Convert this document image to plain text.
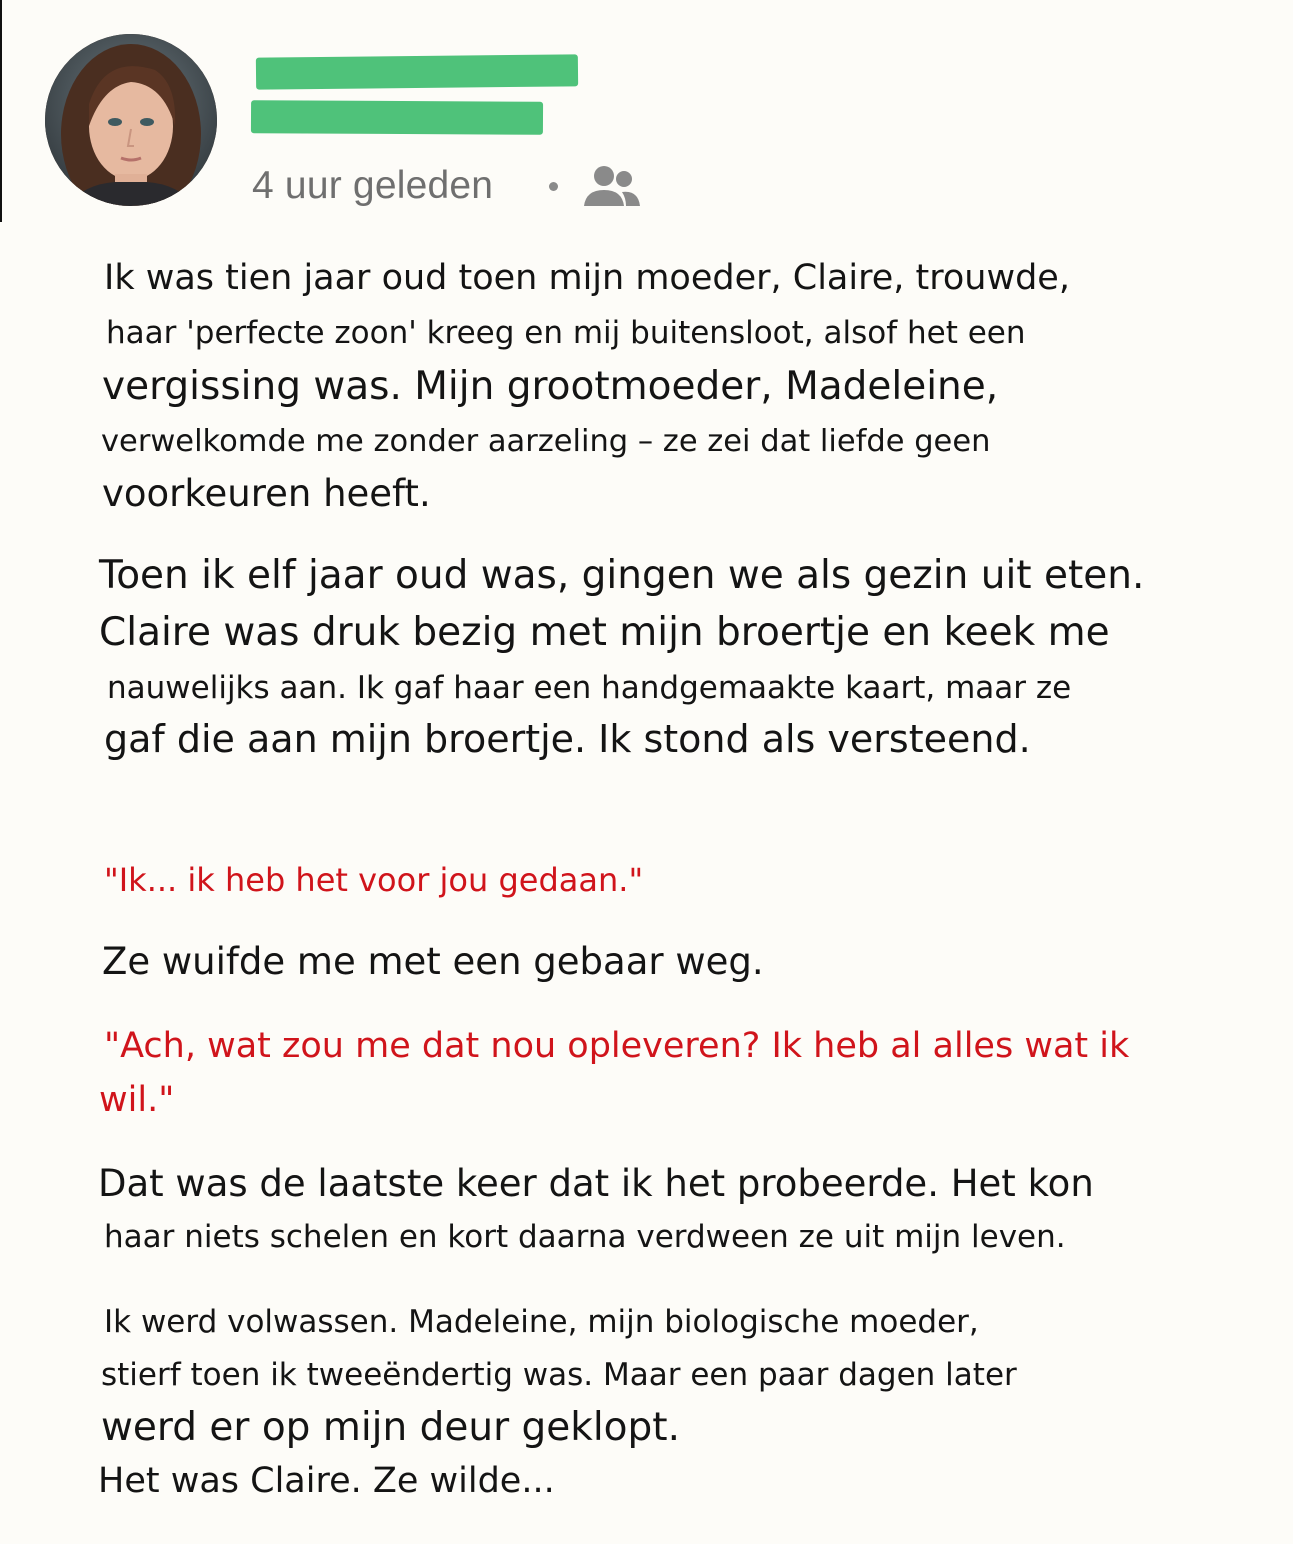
4 uur geleden
Ik was tien jaar oud toen mijn moeder, Claire, trouwde,
haar 'perfecte zoon' kreeg en mij buitensloot, alsof het een
vergissing was. Mijn grootmoeder, Madeleine,
verwelkomde me zonder aarzeling – ze zei dat liefde geen
voorkeuren heeft.
Toen ik elf jaar oud was, gingen we als gezin uit eten.
Claire was druk bezig met mijn broertje en keek me
nauwelijks aan. Ik gaf haar een handgemaakte kaart, maar ze
gaf die aan mijn broertje. Ik stond als versteend.
"Ik... ik heb het voor jou gedaan."
Ze wuifde me met een gebaar weg.
"Ach, wat zou me dat nou opleveren? Ik heb al alles wat ik
wil."
Dat was de laatste keer dat ik het probeerde. Het kon
haar niets schelen en kort daarna verdween ze uit mijn leven.
Ik werd volwassen. Madeleine, mijn biologische moeder,
stierf toen ik tweeëndertig was. Maar een paar dagen later
werd er op mijn deur geklopt.
Het was Claire. Ze wilde...
